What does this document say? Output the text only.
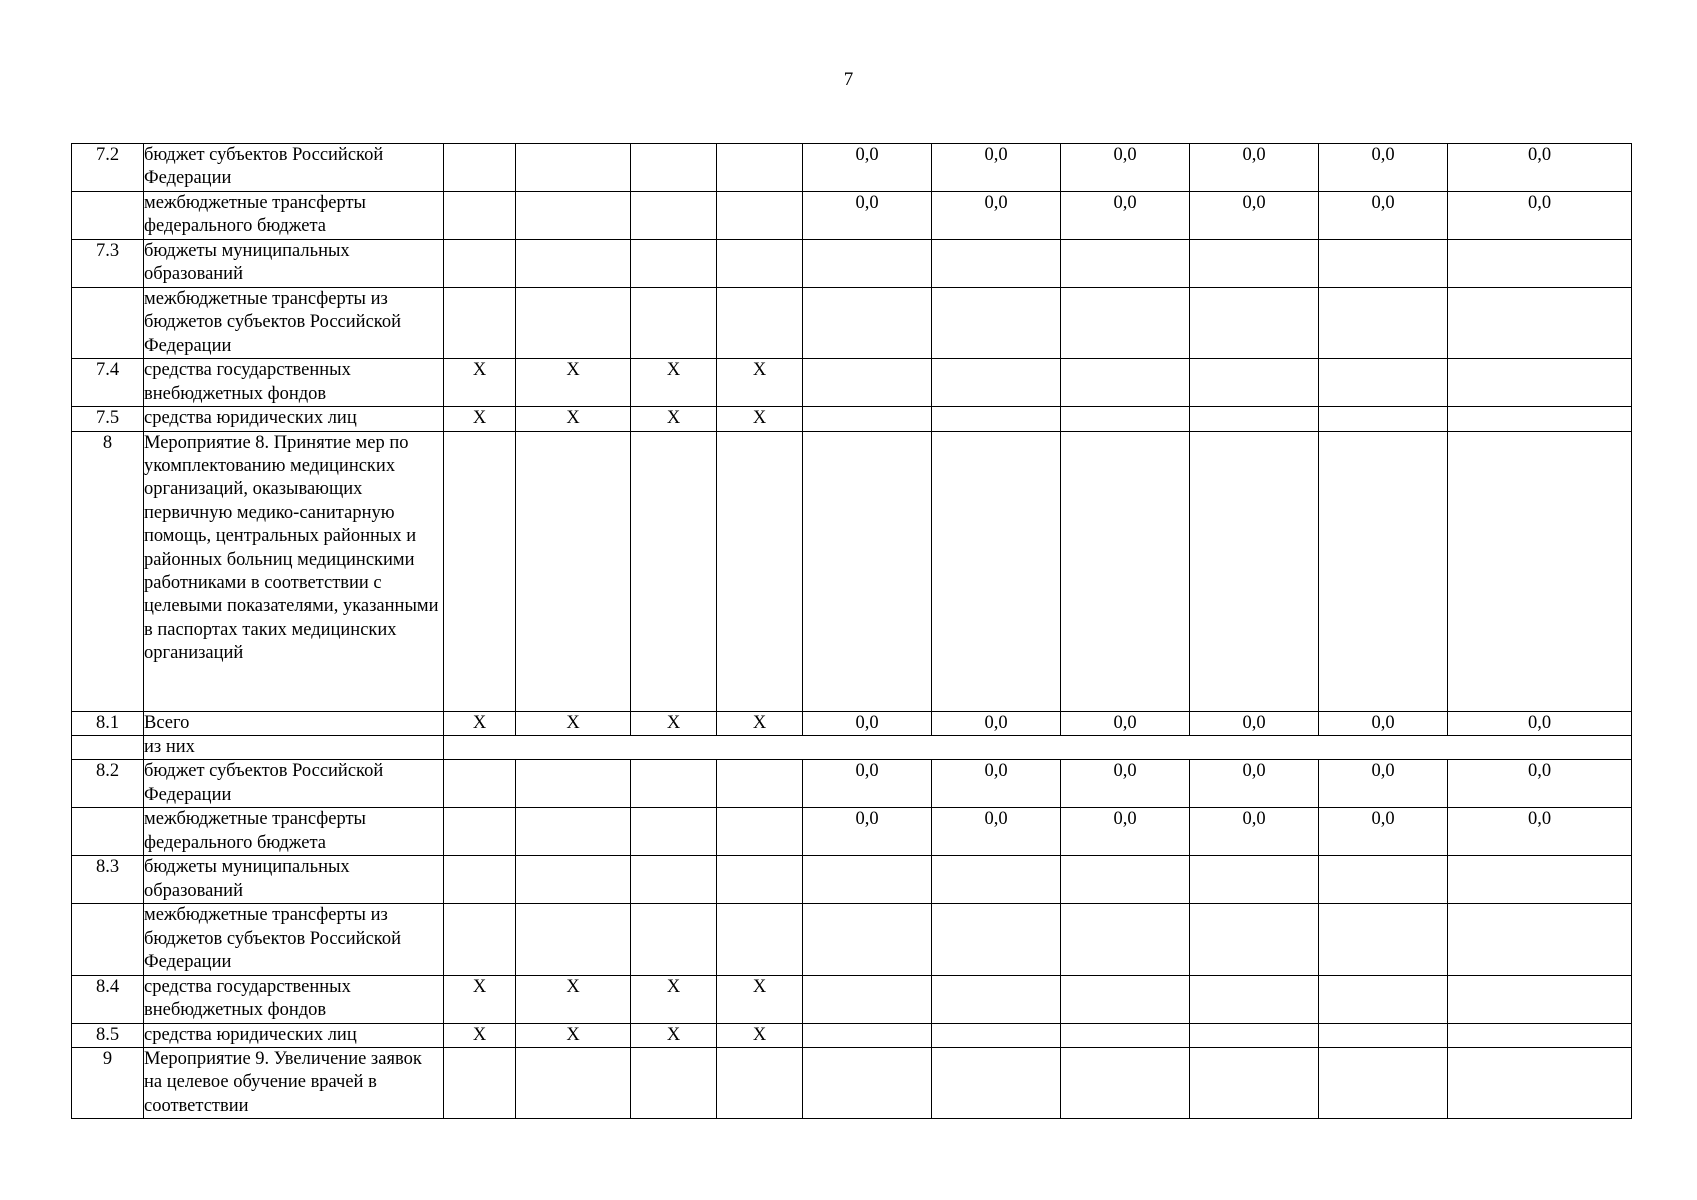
7
7.2	бюджет субъектов Российской Федерации					0,0	0,0	0,0	0,0	0,0	0,0
	межбюджетные трансферты федерального бюджета					0,0	0,0	0,0	0,0	0,0	0,0
7.3	бюджеты муниципальных образований										
	межбюджетные трансферты из бюджетов субъектов Российской Федерации										
7.4	средства государственных внебюджетных фондов	X	X	X	X						
7.5	средства юридических лиц	X	X	X	X						
8	Мероприятие 8. Принятие мер по укомплектованию медицинских организаций, оказывающих первичную медико-санитарную помощь, центральных районных и районных больниц медицинскими работниками в соответствии с целевыми показателями, указанными в паспортах таких медицинских организаций										
8.1	Всего	X	X	X	X	0,0	0,0	0,0	0,0	0,0	0,0
	из них										
8.2	бюджет субъектов Российской Федерации					0,0	0,0	0,0	0,0	0,0	0,0
	межбюджетные трансферты федерального бюджета					0,0	0,0	0,0	0,0	0,0	0,0
8.3	бюджеты муниципальных образований										
	межбюджетные трансферты из бюджетов субъектов Российской Федерации										
8.4	средства государственных внебюджетных фондов	X	X	X	X						
8.5	средства юридических лиц	X	X	X	X						
9	Мероприятие 9. Увеличение заявок на целевое обучение врачей в соответствии										
